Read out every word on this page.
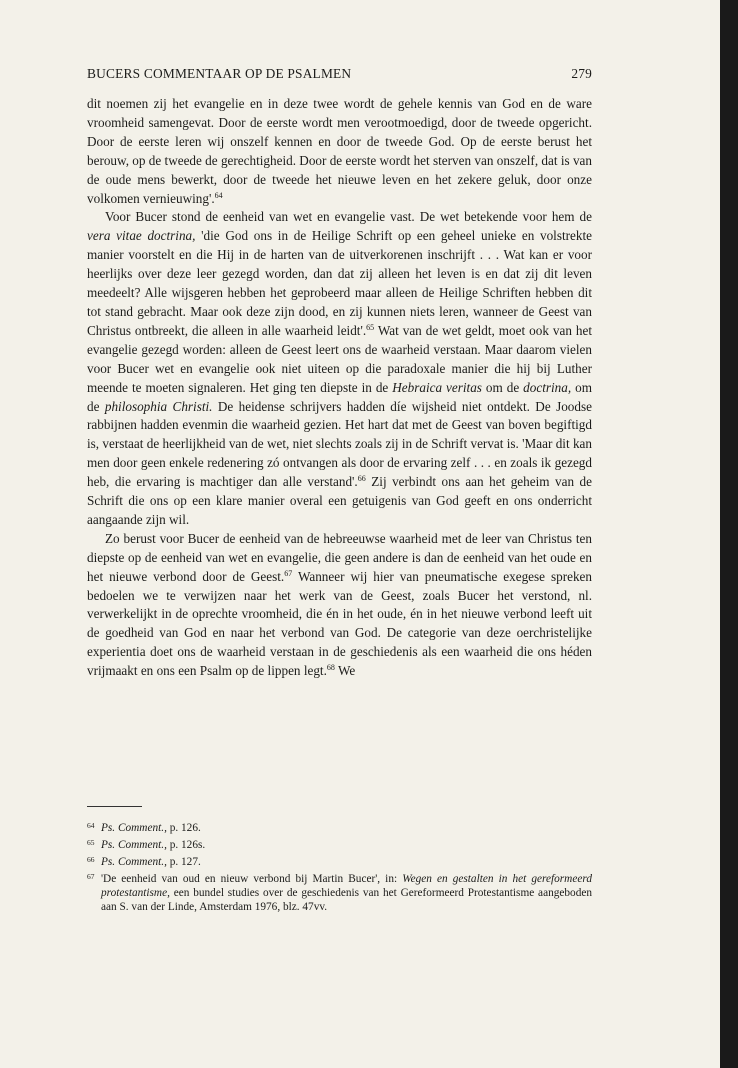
BUCERS COMMENTAAR OP DE PSALMEN	279

dit noemen zij het evangelie en in deze twee wordt de gehele kennis van God en de ware vroomheid samengevat. Door de eerste wordt men verootmoedigd, door de tweede opgericht. Door de eerste leren wij onszelf kennen en door de tweede God. Op de eerste berust het berouw, op de tweede de gerechtigheid. Door de eerste wordt het sterven van onszelf, dat is van de oude mens bewerkt, door de tweede het nieuwe leven en het zekere geluk, door onze volkomen vernieuwing'.$^{64}$

Voor Bucer stond de eenheid van wet en evangelie vast. De wet betekende voor hem de vera vitae doctrina, 'die God ons in de Heilige Schrift op een geheel unieke en volstrekte manier voorstelt en die Hij in de harten van de uitverkorenen inschrijft . . . Wat kan er voor heerlijks over deze leer gezegd worden, dan dat zij alleen het leven is en dat zij dit leven meedeelt? Alle wijsgeren hebben het geprobeerd maar alleen de Heilige Schriften hebben dit tot stand gebracht. Maar ook deze zijn dood, en zij kunnen niets leren, wanneer de Geest van Christus ontbreekt, die alleen in alle waarheid leidt'.$^{65}$ Wat van de wet geldt, moet ook van het evangelie gezegd worden: alleen de Geest leert ons de waarheid verstaan. Maar daarom vielen voor Bucer wet en evangelie ook niet uiteen op die paradoxale manier die hij bij Luther meende te moeten signaleren. Het ging ten diepste in de Hebraica veritas om de doctrina, om de philosophia Christi. De heidense schrijvers hadden díe wijsheid niet ontdekt. De Joodse rabbijnen hadden evenmin die waarheid gezien. Het hart dat met de Geest van boven begiftigd is, verstaat de heerlijkheid van de wet, niet slechts zoals zij in de Schrift vervat is. 'Maar dit kan men door geen enkele redenering zó ontvangen als door de ervaring zelf . . . en zoals ik gezegd heb, die ervaring is machtiger dan alle verstand'.$^{66}$ Zij verbindt ons aan het geheim van de Schrift die ons op een klare manier overal een getuigenis van God geeft en ons onderricht aangaande zijn wil.

Zo berust voor Bucer de eenheid van de hebreeuwse waarheid met de leer van Christus ten diepste op de eenheid van wet en evangelie, die geen andere is dan de eenheid van het oude en het nieuwe verbond door de Geest.$^{67}$ Wanneer wij hier van pneumatische exegese spreken bedoelen we te verwijzen naar het werk van de Geest, zoals Bucer het verstond, nl. verwerkelijkt in de oprechte vroomheid, die én in het oude, én in het nieuwe verbond leeft uit de goedheid van God en naar het verbond van God. De categorie van deze oerchristelijke experientia doet ons de waarheid verstaan in de geschiedenis als een waarheid die ons héden vrijmaakt en ons een Psalm op de lippen legt.$^{68}$ We

64 Ps. Comment., p. 126.
65 Ps. Comment., p. 126s.
66 Ps. Comment., p. 127.
67 'De eenheid van oud en nieuw verbond bij Martin Bucer', in: Wegen en gestalten in het gereformeerd protestantisme, een bundel studies over de geschiedenis van het Gereformeerd Protestantisme aangeboden aan S. van der Linde, Amsterdam 1976, blz. 47vv.
